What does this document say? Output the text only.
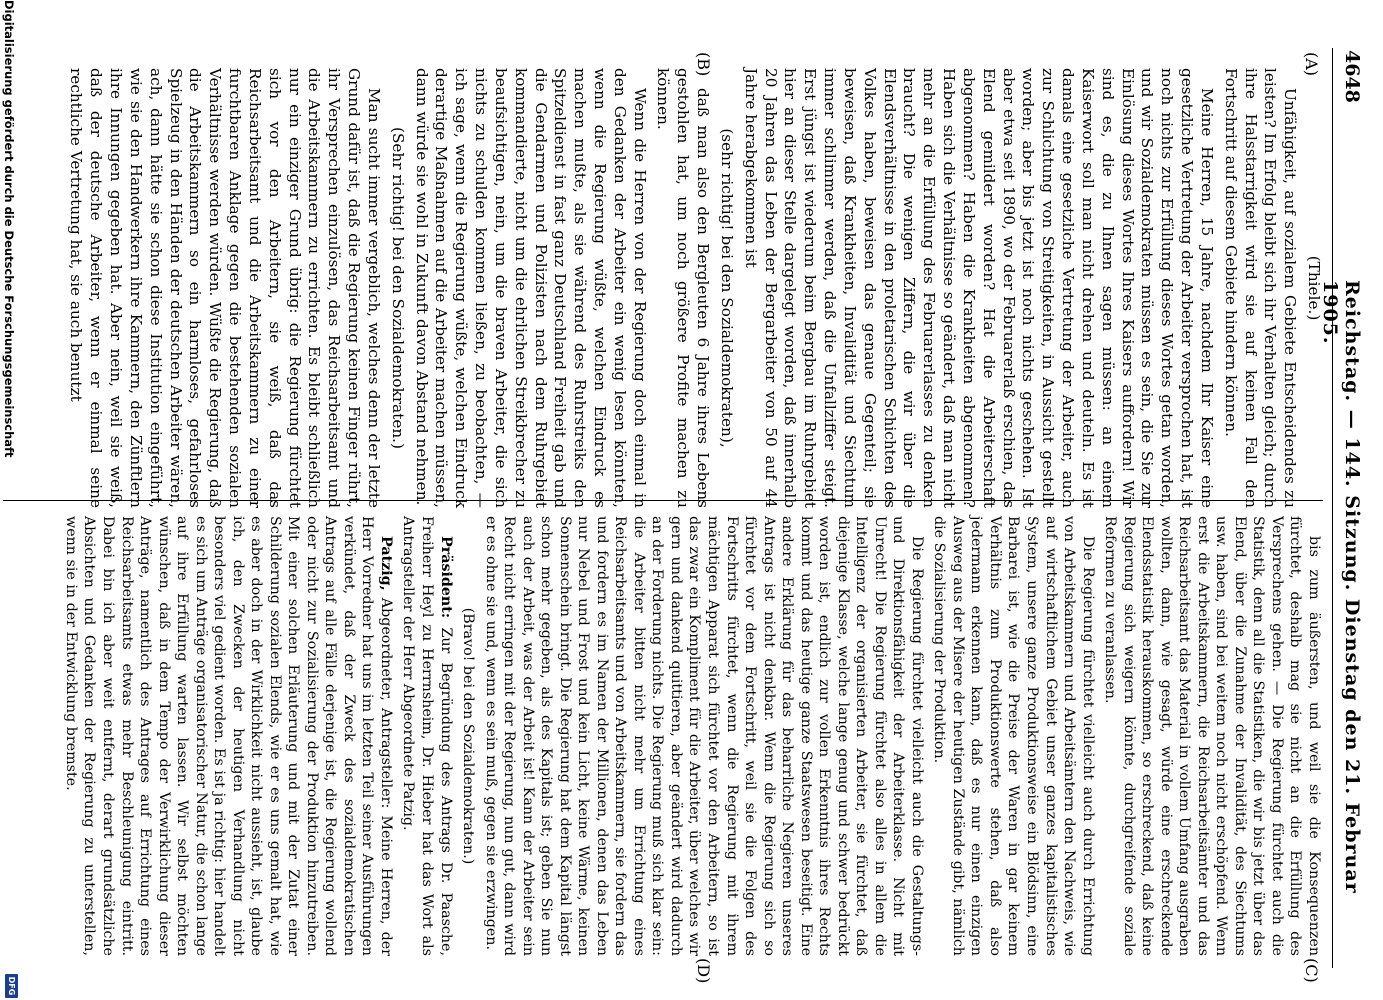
4648
Reichstag. — 144. Sitzung. Dienstag den 21. Februar 1905.
(A)
(B)
(C)
(D)

(Thiele.)

Unfähigkeit, auf sozialem Gebiete Entscheidendes zu leisten? Im Erfolg bleibt sich ihr Verhalten gleich; durch ihre Halsstarrigkeit wird sie auf keinen Fall den Fortschritt auf diesem Gebiete hindern können.

Meine Herren, 15 Jahre, nachdem Ihr Kaiser eine gesetzliche Vertretung der Arbeiter versprochen hat, ist noch nichts zur Erfüllung dieses Wortes getan worden, und wir Sozialdemokraten müssen es sein, die Sie zur Einlösung dieses Wortes Ihres Kaisers auffordern! Wir sind es, die zu Ihnen sagen müssen: an einem Kaiserwort soll man nicht drehen und deuteln. Es ist damals eine gesetzliche Vertretung der Arbeiter, auch zur Schlichtung von Streitigkeiten, in Aussicht gestellt worden; aber bis jetzt ist noch nichts geschehen. Ist aber etwa seit 1890, wo der Februarerlaß erschien, das Elend gemildert worden? Hat die Arbeiterschaft abgenommen? Haben die Krankheiten abgenommen? Haben sich die Verhältnisse so geändert, daß man nicht mehr an die Erfüllung des Februarerlasses zu denken braucht? Die wenigen Ziffern, die wir über die Elendsverhältnisse in den proletarischen Schichten des Volkes haben, beweisen das genaue Gegenteil; sie beweisen, daß Krankheiten, Invalidität und Siechtum immer schlimmer werden, daß die Unfallziffer steigt. Erst jüngst ist wiederum beim Bergbau im Ruhrgebiet hier an dieser Stelle dargelegt worden, daß innerhalb 20 Jahren das Leben der Bergarbeiter von 50 auf 44 Jahre herabgekommen ist

(sehr richtig! bei den Sozialdemokraten),

daß man also den Bergleuten 6 Jahre ihres Lebens gestohlen hat, um noch größere Profite machen zu können.

Wenn die Herren von der Regierung doch einmal in den Gedanken der Arbeiter ein wenig lesen könnten, wenn die Regierung wüßte, welchen Eindruck es machen mußte, als sie während des Ruhrstreiks den Spitzeldienst in fast ganz Deutschland Freiheit gab und die Gendarmen und Polizisten nach dem Ruhrgebiet kommandierte, nicht um die ehrlichen Streikbrecher zu beaufsichtigen, nein, um die braven Arbeiter, die sich nichts zu schulden kommen ließen, zu beobachten, — ich sage, wenn die Regierung wüßte, welchen Eindruck derartige Maßnahmen auf die Arbeiter machen müssen, dann würde sie wohl in Zukunft davon Abstand nehmen.

(Sehr richtig! bei den Sozialdemokraten.)

Man sucht immer vergeblich, welches denn der letzte Grund dafür ist, daß die Regierung keinen Finger rührt, ihr Versprechen einzulösen, das Reichsarbeitsamt und die Arbeitskammern zu errichten. Es bleibt schließlich nur ein einziger Grund übrig: die Regierung fürchtet sich vor den Arbeitern, sie weiß, daß das Reichsarbeitsamt und die Arbeitskammern zu einer furchtbaren Anklage gegen die bestehenden sozialen Verhältnisse werden würden. Wüßte die Regierung, daß die Arbeitskammern so ein harmloses, gefahrloses Spielzeug in den Händen der deutschen Arbeiter wären, ach, dann hätte sie schon diese Institution eingeführt, wie sie den Handwerkern ihre Kammern, den Zünftlern ihre Innungen gegeben hat. Aber nein, weil sie weiß, daß der deutsche Arbeiter, wenn er einmal seine rechtliche Vertretung hat, sie auch benutzt

bis zum äußersten, und weil sie die Konsequenzen fürchtet, deshalb mag sie nicht an die Erfüllung des Versprechens gehen. — Die Regierung fürchtet auch die Statistik, denn all die Statistiken, die wir bis jetzt über das Elend, über die Zunahme der Invalidität, des Siechtums usw. haben, sind bei weitem noch nicht erschöpfend. Wenn erst die Arbeitskammern, die Reichsarbeitsämter und das Reichsarbeitsamt das Material in vollem Umfang ausgraben wollten, dann, wie gesagt, würde eine erschreckende Elendsstatistik herauskommen, so erschreckend, daß keine Regierung sich weigern könnte, durchgreifende soziale Reformen zu veranlassen.

Die Regierung fürchtet vielleicht auch durch Errichtung von Arbeitskammern und Arbeitsämtern den Nachweis, wie auf wirtschaftlichem Gebiet unser ganzes kapitalistisches System, unsere ganze Produktionsweise ein Blödsinn, eine Barbarei ist, wie die Preise der Waren in gar keinem Verhältnis zum Produktionswerte stehen, daß also jedermann erkennen kann, daß es nur einen einzigen Ausweg aus der Misere der heutigen Zustände gibt, nämlich die Sozialisierung der Produktion.

Die Regierung fürchtet vielleicht auch die Gestaltungs- und Direktionsfähigkeit der Arbeiterklasse. Nicht mit Unrecht! Die Regierung fürchtet also alles in allem die Intelligenz der organisierten Arbeiter, sie fürchtet, daß diejenige Klasse, welche lange genug und schwer bedrückt worden ist, endlich zur vollen Erkenntnis ihres Rechts kommt und das heutige ganze Staatswesen beseitigt. Eine andere Erklärung für das beharrliche Negieren unseres Antrags ist nicht denkbar. Wenn die Regierung sich so fürchtet vor dem Fortschritt, weil sie die Folgen des Fortschritts fürchtet, wenn die Regierung mit ihrem mächtigen Apparat sich fürchtet vor den Arbeitern, so ist das zwar ein Kompliment für die Arbeiter, über welches wir gern und dankend quittieren, aber geändert wird dadurch an der Forderung nichts. Die Regierung muß sich klar sein: die Arbeiter bitten nicht mehr um Errichtung eines Reichsarbeitsamts und von Arbeitskammern, sie fordern das und fordern es im Namen der Millionen, denen das Leben nur Nebel und Frost und kein Licht, keine Wärme, keinen Sonnenschein bringt. Die Regierung hat dem Kapital längst schon mehr gegeben, als des Kapitals ist; geben Sie nun auch der Arbeit, was der Arbeit ist! Kann der Arbeiter sein Recht nicht erringen mit der Regierung, nun gut, dann wird er es ohne sie und, wenn es sein muß, gegen sie erzwingen.

(Bravo! bei den Sozialdemokraten.)

Präsident: Zur Begründung des Antrags Dr. Paasche, Freiherr Heyl zu Herrnsheim, Dr. Hieber hat das Wort als Antragsteller der Herr Abgeordnete Patzig.

Patzig, Abgeordneter, Antragsteller: Meine Herren, der Herr Vorredner hat uns im letzten Teil seiner Ausführungen verkündet, daß der Zweck des sozialdemokratischen Antrags auf alle Fälle derjenige ist, die Regierung wollend oder nicht zur Sozialisierung der Produktion hinzutreiben. Mit einer solchen Erläuterung und mit der Zutat einer Schilderung sozialen Elends, wie er es uns gemalt hat, wie es aber doch in der Wirklichkeit nicht aussieht, ist, glaube ich, den Zwecken der heutigen Verhandlung nicht besonders viel gedient worden. Es ist ja richtig: hier handelt es sich um Anträge organisatorischer Natur, die schon lange auf ihre Erfüllung warten lassen. Wir selbst möchten wünschen, daß in dem Tempo der Verwirklichung dieser Anträge, namentlich des Antrages auf Errichtung eines Reichsarbeitsamts etwas mehr Beschleunigung eintritt. Dabei bin ich aber weit entfernt, derart grundsätzliche Absichten und Gedanken der Regierung zu unterstellen, wenn sie in der Entwicklung bremste.

Digitalisierung gefördert durch die Deutsche Forschungsgemeinschaft
DFG
